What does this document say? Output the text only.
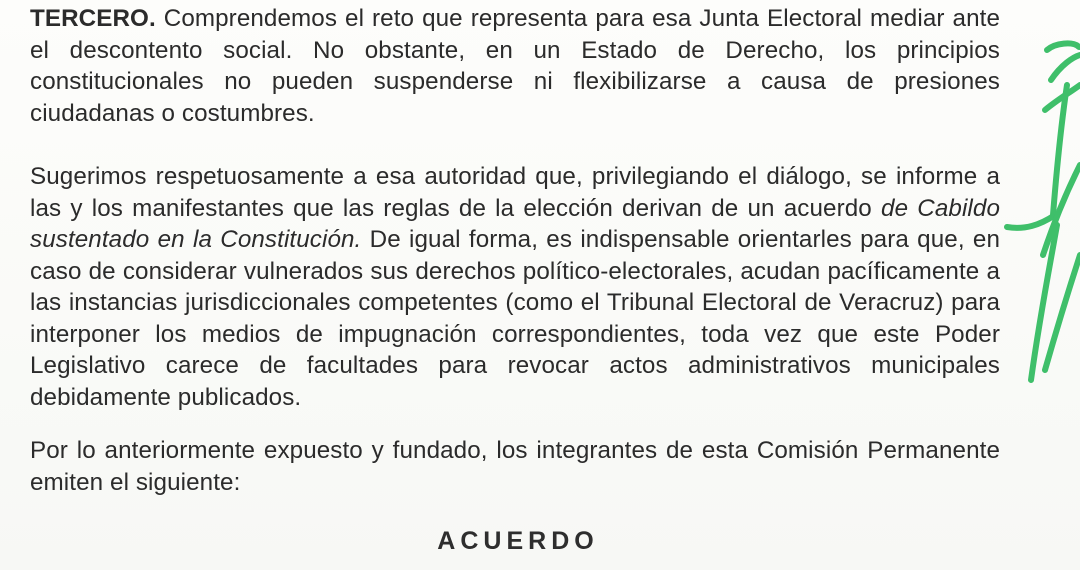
TERCERO. Comprendemos el reto que representa para esa Junta Electoral mediar ante el descontento social. No obstante, en un Estado de Derecho, los principios constitucionales no pueden suspenderse ni flexibilizarse a causa de presiones ciudadanas o costumbres.
Sugerimos respetuosamente a esa autoridad que, privilegiando el diálogo, se informe a las y los manifestantes que las reglas de la elección derivan de un acuerdo de Cabildo sustentado en la Constitución. De igual forma, es indispensable orientarles para que, en caso de considerar vulnerados sus derechos político-electorales, acudan pacíficamente a las instancias jurisdiccionales competentes (como el Tribunal Electoral de Veracruz) para interponer los medios de impugnación correspondientes, toda vez que este Poder Legislativo carece de facultades para revocar actos administrativos municipales debidamente publicados.
Por lo anteriormente expuesto y fundado, los integrantes de esta Comisión Permanente emiten el siguiente:
ACUERDO
